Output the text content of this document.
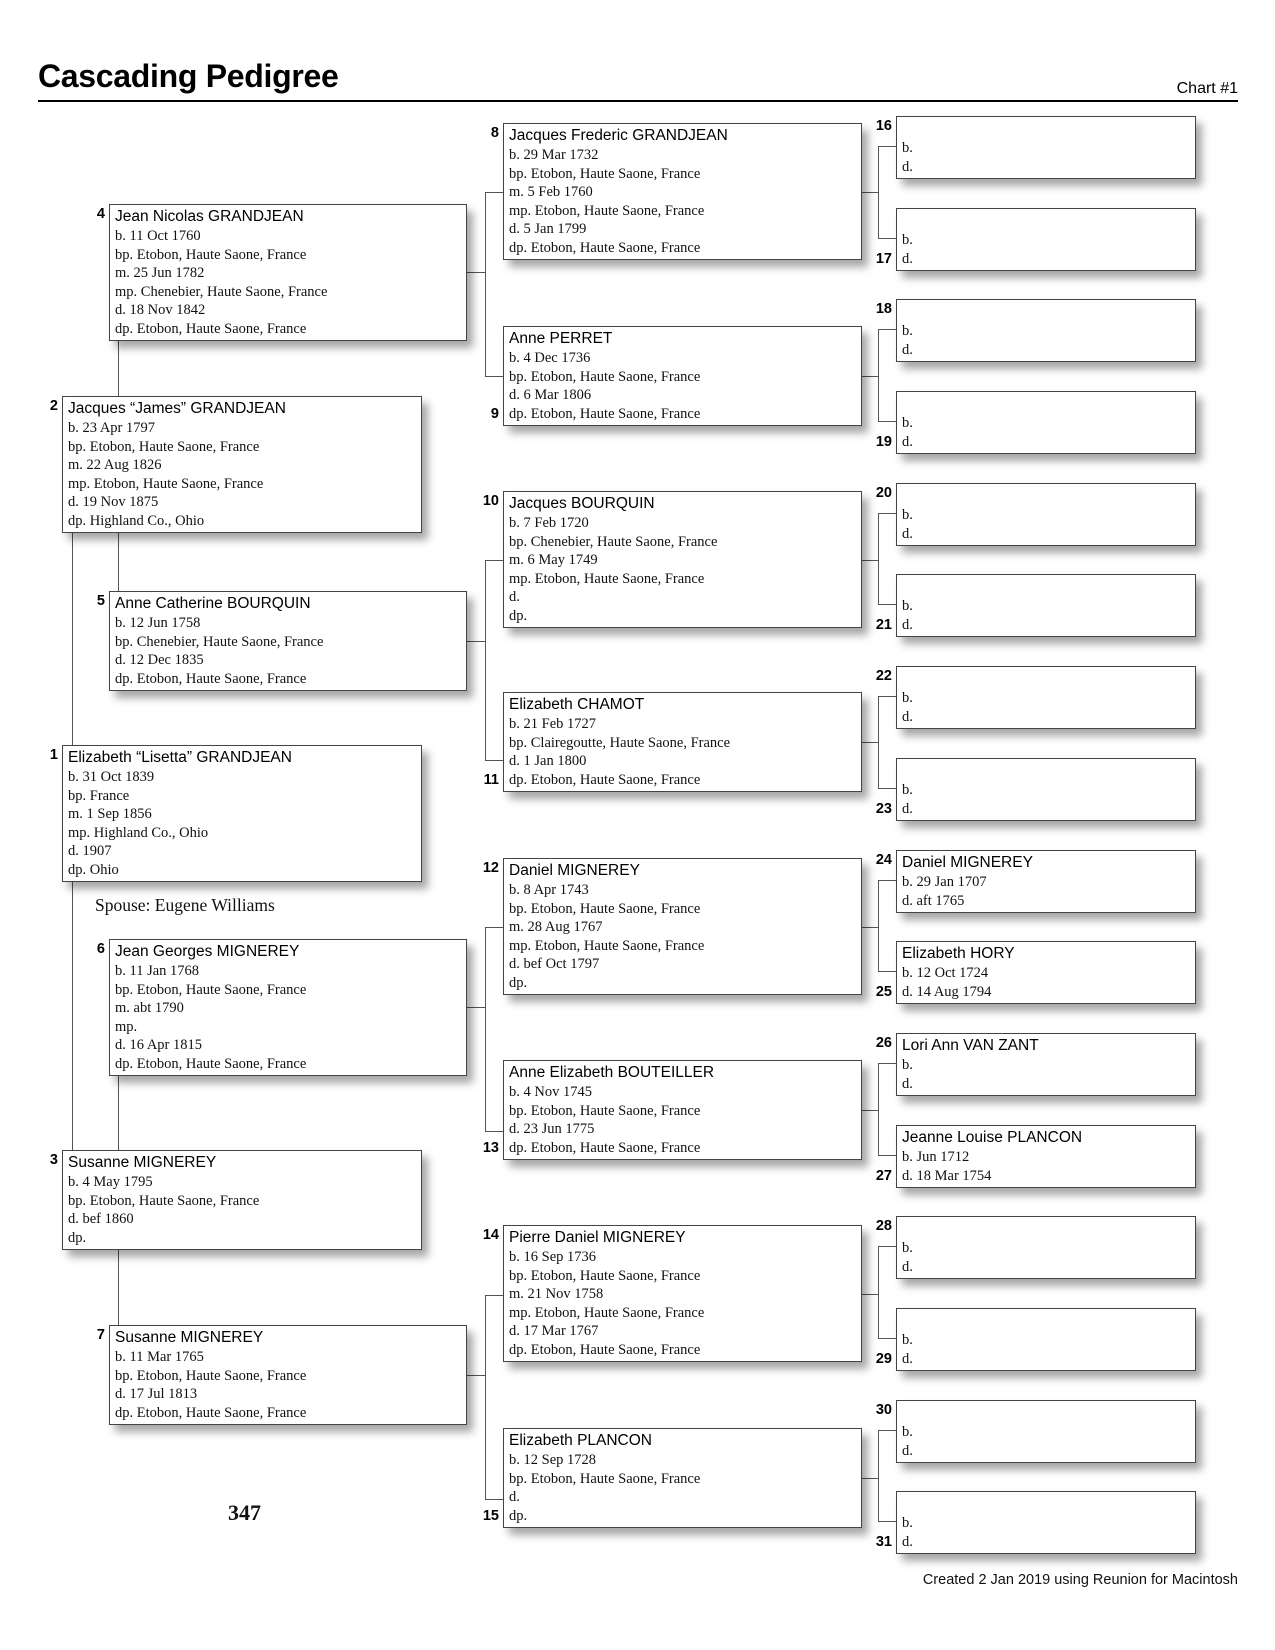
Cascading Pedigree	Chart #1
Elizabeth “Lisetta” GRANDJEAN
b. 31 Oct 1839
bp. France
m. 1 Sep 1856
mp. Highland Co., Ohio
d. 1907
dp. Ohio
1
Jacques “James” GRANDJEAN
b. 23 Apr 1797
bp. Etobon, Haute Saone, France
m. 22 Aug 1826
mp. Etobon, Haute Saone, France
d. 19 Nov 1875
dp. Highland Co., Ohio
2
Susanne MIGNEREY
b. 4 May 1795
bp. Etobon, Haute Saone, France
d. bef 1860
dp.
3
Jean Nicolas GRANDJEAN
b. 11 Oct 1760
bp. Etobon, Haute Saone, France
m. 25 Jun 1782
mp. Chenebier, Haute Saone, France
d. 18 Nov 1842
dp. Etobon, Haute Saone, France
4
Anne Catherine BOURQUIN
b. 12 Jun 1758
bp. Chenebier, Haute Saone, France
d. 12 Dec 1835
dp. Etobon, Haute Saone, France
5
Jean Georges MIGNEREY
b. 11 Jan 1768
bp. Etobon, Haute Saone, France
m. abt 1790
mp.
d. 16 Apr 1815
dp. Etobon, Haute Saone, France
6
Susanne MIGNEREY
b. 11 Mar 1765
bp. Etobon, Haute Saone, France
d. 17 Jul 1813
dp. Etobon, Haute Saone, France
7
Jacques Frederic GRANDJEAN
b. 29 Mar 1732
bp. Etobon, Haute Saone, France
m. 5 Feb 1760
mp. Etobon, Haute Saone, France
d. 5 Jan 1799
dp. Etobon, Haute Saone, France
8
Anne PERRET
b. 4 Dec 1736
bp. Etobon, Haute Saone, France
d. 6 Mar 1806
dp. Etobon, Haute Saone, France
9
Jacques BOURQUIN
b. 7 Feb 1720
bp. Chenebier, Haute Saone, France
m. 6 May 1749
mp. Etobon, Haute Saone, France
d.
dp.
10
Elizabeth CHAMOT
b. 21 Feb 1727
bp. Clairegoutte, Haute Saone, France
d. 1 Jan 1800
dp. Etobon, Haute Saone, France
11
Daniel MIGNEREY
b. 8 Apr 1743
bp. Etobon, Haute Saone, France
m. 28 Aug 1767
mp. Etobon, Haute Saone, France
d. bef Oct 1797
dp.
12
Anne Elizabeth BOUTEILLER
b. 4 Nov 1745
bp. Etobon, Haute Saone, France
d. 23 Jun 1775
dp. Etobon, Haute Saone, France
13
Pierre Daniel MIGNEREY
b. 16 Sep 1736
bp. Etobon, Haute Saone, France
m. 21 Nov 1758
mp. Etobon, Haute Saone, France
d. 17 Mar 1767
dp. Etobon, Haute Saone, France
14
Elizabeth PLANCON
b. 12 Sep 1728
bp. Etobon, Haute Saone, France
d.
dp.
15
b.
d.
16
b.
d.
17
b.
d.
18
b.
d.
19
b.
d.
20
b.
d.
21
b.
d.
22
b.
d.
23
Daniel MIGNEREY
b. 29 Jan 1707
d. aft 1765
24
Elizabeth HORY
b. 12 Oct 1724
d. 14 Aug 1794
25
Lori Ann VAN ZANT
b.
d.
26
Jeanne Louise PLANCON
b. Jun 1712
d. 18 Mar 1754
27
b.
d.
28
b.
d.
29
b.
d.
30
b.
d.
31
Spouse: Eugene Williams
347
Created 2 Jan 2019 using Reunion for Macintosh
